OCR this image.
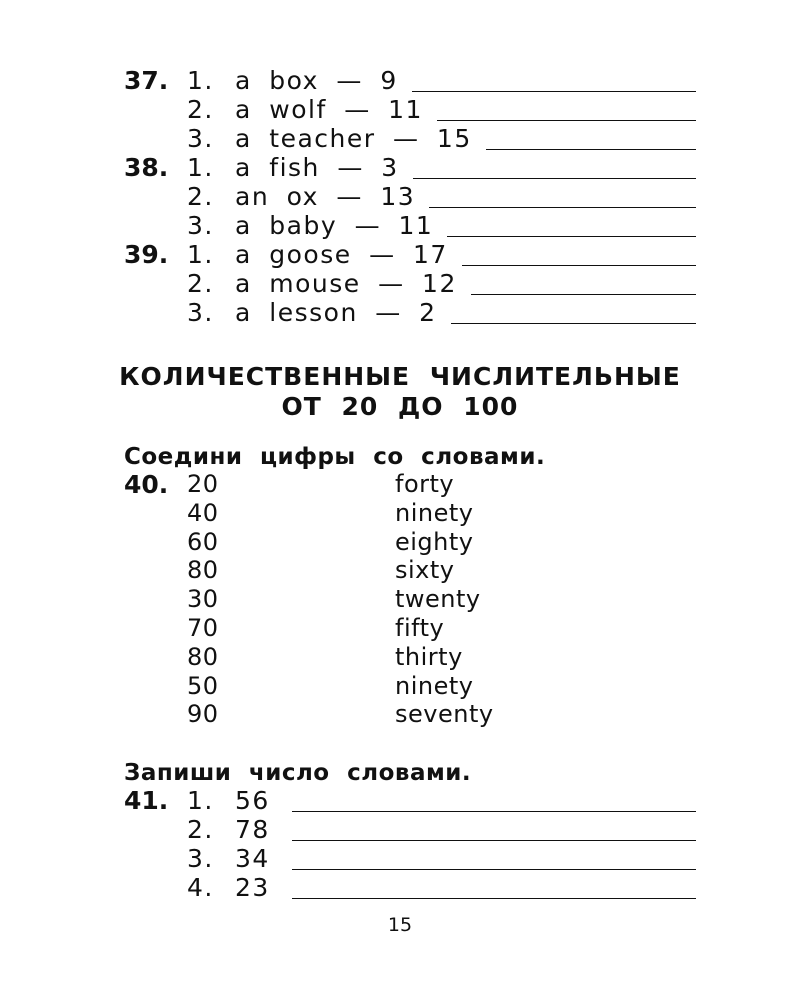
37. 1. a box — 9
2. a wolf — 11
3. a teacher — 15
38. 1. a fish — 3
2. an ox — 13
3. a baby — 11
39. 1. a goose — 17
2. a mouse — 12
3. a lesson — 2
КОЛИЧЕСТВЕННЫЕ ЧИСЛИТЕЛЬНЫЕ
ОТ 20 ДО 100
Соедини цифры со словами.
40. 20
40
60
80
30
70
80
50
90
forty
ninety
eighty
sixty
twenty
fifty
thirty
ninety
seventy
Запиши число словами.
41. 1. 56
2. 78
3. 34
4. 23
15
